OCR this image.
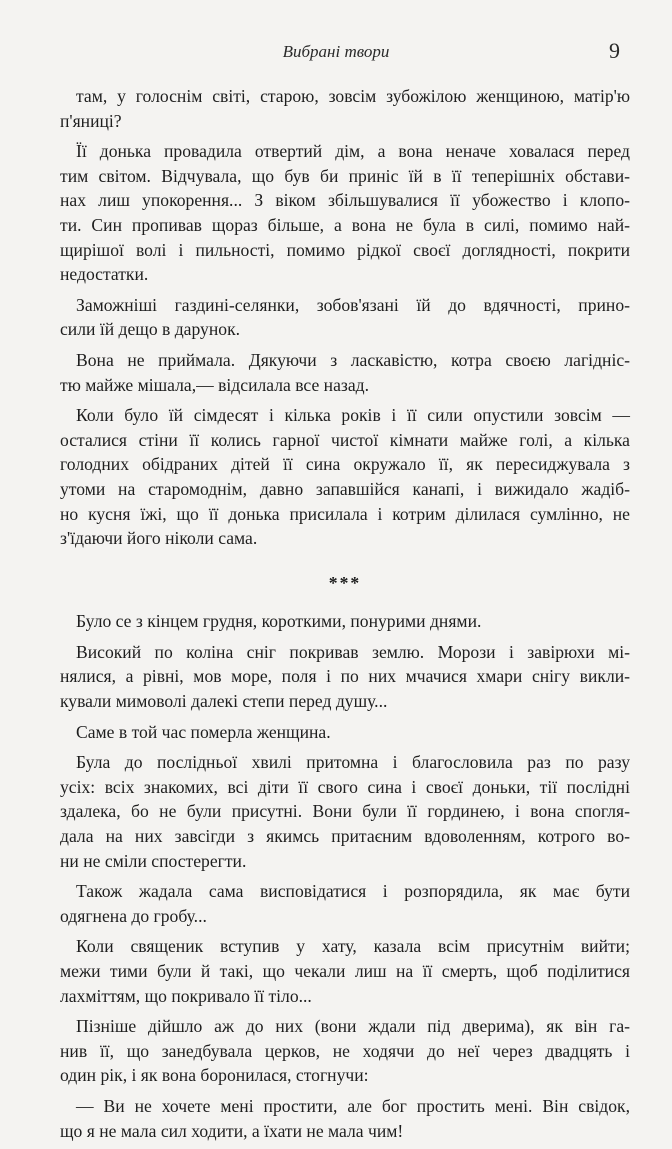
Вибрані твори	9
там, у голоснім світі, старою, зовсім зубожілою женщиною, матір'ю
п'яниці?
Її донька провадила отвертий дім, а вона неначе ховалася перед
тим світом. Відчувала, що був би приніс їй в її теперішніх обстави-
нах лиш упокорення... З віком збільшувалися її убожество і клопо-
ти. Син пропивав щораз більше, а вона не була в силі, помимо най-
щирішої волі і пильності, помимо рідкої своєї доглядності, покрити
недостатки.
Заможніші газдині-селянки, зобов'язані їй до вдячності, прино-
сили їй дещо в дарунок.
Вона не приймала. Дякуючи з ласкавістю, котра своєю лагідніс-
тю майже мішала,— відсилала все назад.
Коли було їй сімдесят і кілька років і її сили опустили зовсім —
осталися стіни її колись гарної чистої кімнати майже голі, а кілька
голодних обідраних дітей її сина окружало її, як пересиджувала з
утоми на старомоднім, давно запавшійся канапі, і вижидало жадіб-
но кусня їжі, що її донька присилала і котрим ділилася сумлінно, не
з'їдаючи його ніколи сама.
***
Було се з кінцем грудня, короткими, понурими днями.
Високий по коліна сніг покривав землю. Морози і завірюхи мі-
нялися, а рівні, мов море, поля і по них мчачися хмари снігу викли-
кували мимоволі далекі степи перед душу...
Саме в той час померла женщина.
Була до послідньої хвилі притомна і благословила раз по разу
усіх: всіх знакомих, всі діти її свого сина і своєї доньки, тії послідні
здалека, бо не були присутні. Вони були її гординею, і вона спогля-
дала на них завсігди з якимсь притаєним вдоволенням, котрого во-
ни не сміли спостерегти.
Також жадала сама висповідатися і розпорядила, як має бути
одягнена до гробу...
Коли священик вступив у хату, казала всім присутнім вийти;
межи тими були й такі, що чекали лиш на її смерть, щоб поділитися
лахміттям, що покривало її тіло...
Пізніше дійшло аж до них (вони ждали під дверима), як він га-
нив її, що занедбувала церков, не ходячи до неї через двадцять і
один рік, і як вона боронилася, стогнучи:
— Ви не хочете мені простити, але бог простить мені. Він свідок,
що я не мала сил ходити, а їхати не мала чим!
